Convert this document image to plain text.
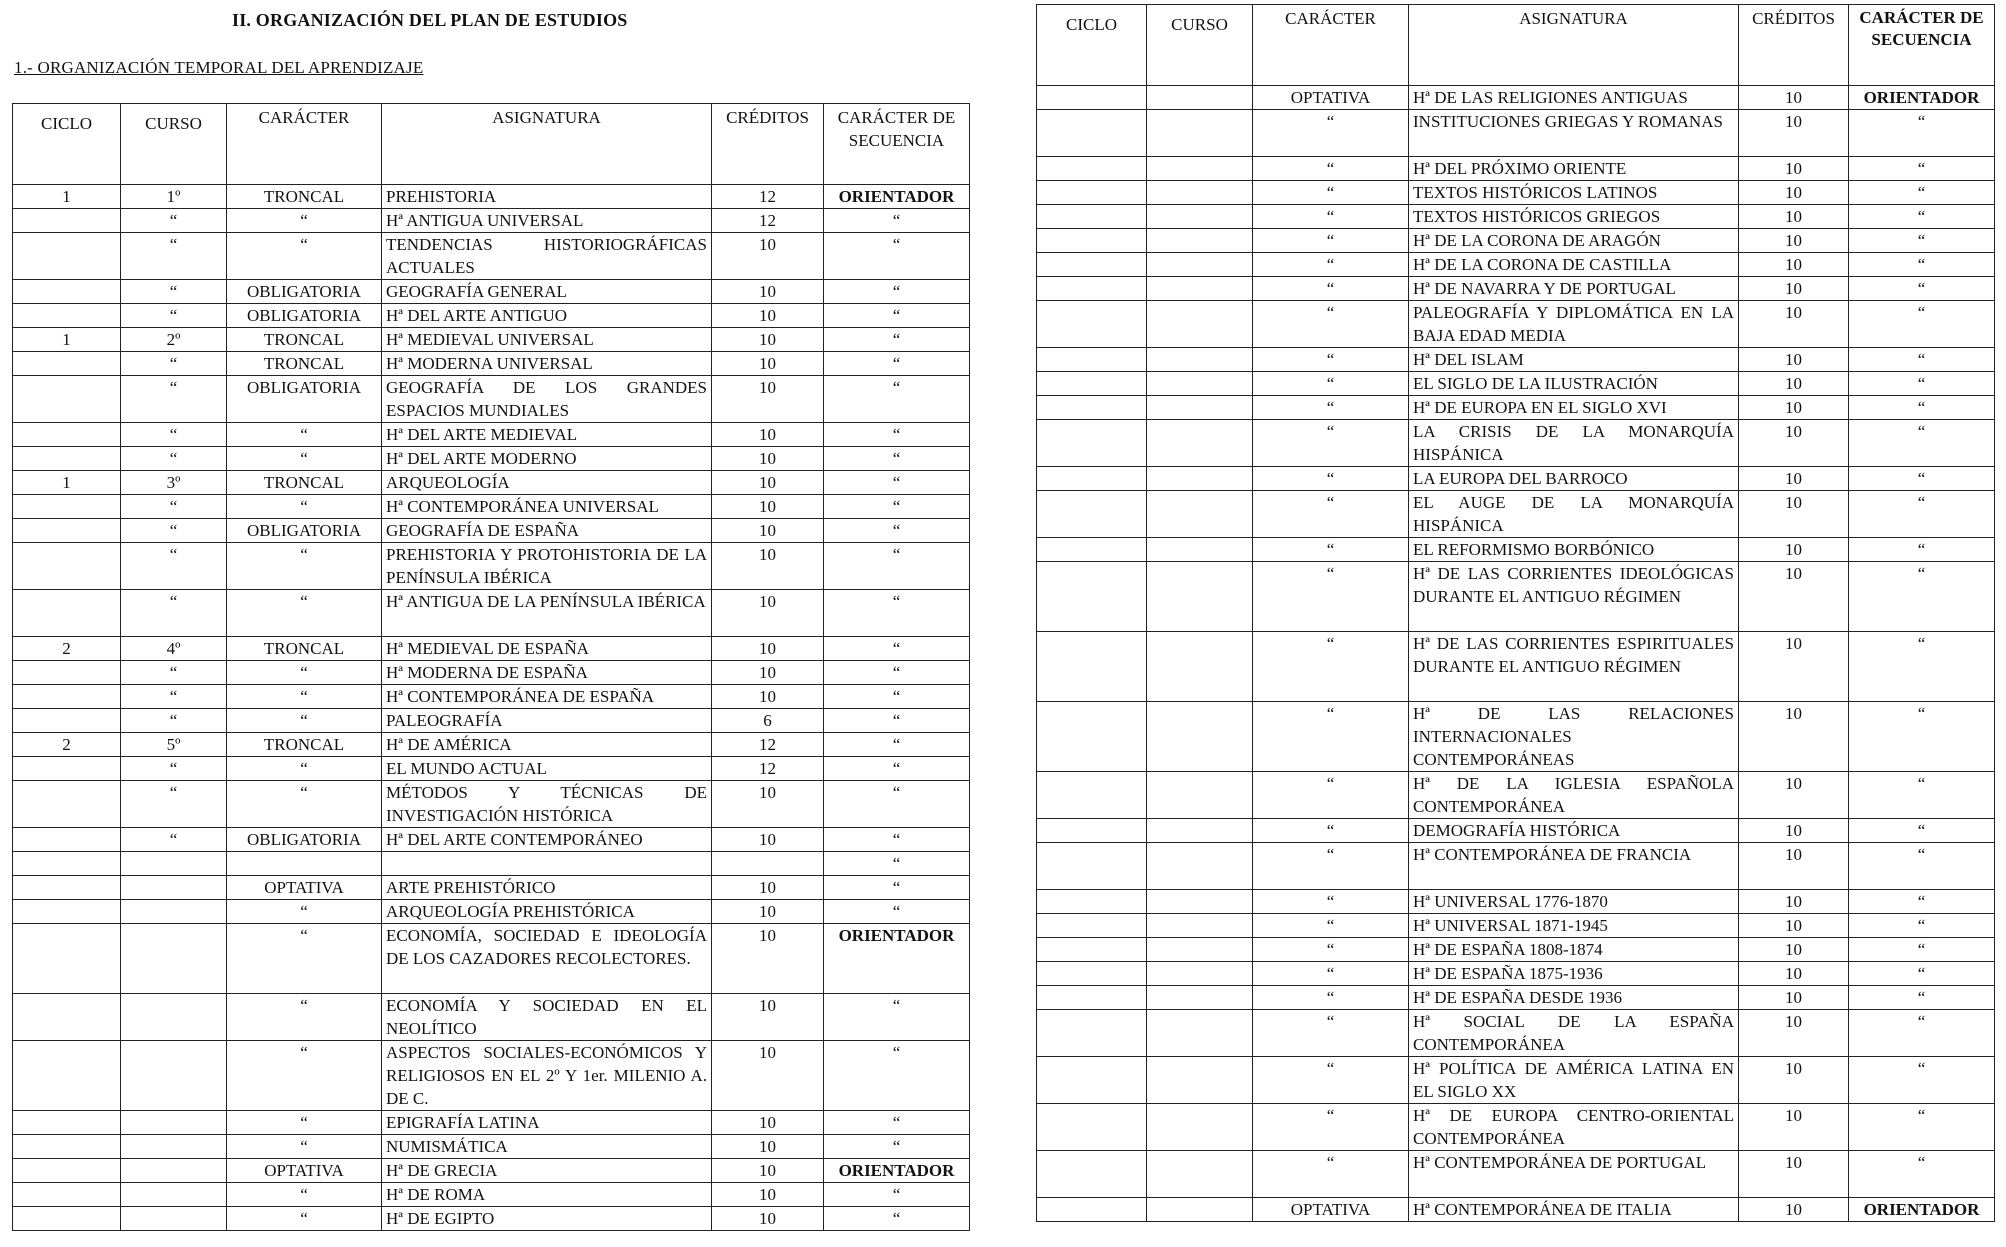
II. ORGANIZACIÓN DEL PLAN DE ESTUDIOS
1.- ORGANIZACIÓN TEMPORAL DEL APRENDIZAJE
CICLO	CURSO	CARÁCTER	ASIGNATURA	CRÉDITOS	CARÁCTER DE SECUENCIA
1	1º	TRONCAL	PREHISTORIA	12	ORIENTADOR
	“	“	Hª ANTIGUA UNIVERSAL	12	“
	“	“	TENDENCIAS HISTORIOGRÁFICAS ACTUALES	10	“
	“	OBLIGATORIA	GEOGRAFÍA GENERAL	10	“
	“	OBLIGATORIA	Hª DEL ARTE ANTIGUO	10	“
1	2º	TRONCAL	Hª MEDIEVAL UNIVERSAL	10	“
	“	TRONCAL	Hª MODERNA UNIVERSAL	10	“
	“	OBLIGATORIA	GEOGRAFÍA DE LOS GRANDES ESPACIOS MUNDIALES	10	“
	“	“	Hª DEL ARTE MEDIEVAL	10	“
	“	“	Hª DEL ARTE MODERNO	10	“
1	3º	TRONCAL	ARQUEOLOGÍA	10	“
	“	“	Hª CONTEMPORÁNEA UNIVERSAL	10	“
	“	OBLIGATORIA	GEOGRAFÍA DE ESPAÑA	10	“
	“	“	PREHISTORIA Y PROTOHISTORIA DE LA PENÍNSULA IBÉRICA	10	“
	“	“	Hª ANTIGUA DE LA PENÍNSULA IBÉRICA	10	“
2	4º	TRONCAL	Hª MEDIEVAL DE ESPAÑA	10	“
	“	“	Hª MODERNA DE ESPAÑA	10	“
	“	“	Hª CONTEMPORÁNEA DE ESPAÑA	10	“
	“	“	PALEOGRAFÍA	6	“
2	5º	TRONCAL	Hª DE AMÉRICA	12	“
	“	“	EL MUNDO ACTUAL	12	“
	“	“	MÉTODOS Y TÉCNICAS DE INVESTIGACIÓN HISTÓRICA	10	“
	“	OBLIGATORIA	Hª DEL ARTE CONTEMPORÁNEO	10	“
					“
		OPTATIVA	ARTE PREHISTÓRICO	10	“
		“	ARQUEOLOGÍA PREHISTÓRICA	10	“
		“	ECONOMÍA, SOCIEDAD E IDEOLOGÍA DE LOS CAZADORES RECOLECTORES.	10	ORIENTADOR
		“	ECONOMÍA Y SOCIEDAD EN EL NEOLÍTICO	10	“
		“	ASPECTOS SOCIALES-ECONÓMICOS Y RELIGIOSOS EN EL 2º Y 1er. MILENIO A. DE C.	10	“
		“	EPIGRAFÍA LATINA	10	“
		“	NUMISMÁTICA	10	“
		OPTATIVA	Hª DE GRECIA	10	ORIENTADOR
		“	Hª DE ROMA	10	“
		“	Hª DE EGIPTO	10	“
CICLO	CURSO	CARÁCTER	ASIGNATURA	CRÉDITOS	CARÁCTER DE SECUENCIA
		OPTATIVA	Hª DE LAS RELIGIONES ANTIGUAS	10	ORIENTADOR
		“	INSTITUCIONES GRIEGAS Y ROMANAS	10	“
		“	Hª DEL PRÓXIMO ORIENTE	10	“
		“	TEXTOS HISTÓRICOS LATINOS	10	“
		“	TEXTOS HISTÓRICOS GRIEGOS	10	“
		“	Hª DE LA CORONA DE ARAGÓN	10	“
		“	Hª DE LA CORONA DE CASTILLA	10	“
		“	Hª DE NAVARRA Y DE PORTUGAL	10	“
		“	PALEOGRAFÍA Y DIPLOMÁTICA EN LA BAJA EDAD MEDIA	10	“
		“	Hª DEL ISLAM	10	“
		“	EL SIGLO DE LA ILUSTRACIÓN	10	“
		“	Hª DE EUROPA EN EL SIGLO XVI	10	“
		“	LA CRISIS DE LA MONARQUÍA HISPÁNICA	10	“
		“	LA EUROPA DEL BARROCO	10	“
		“	EL AUGE DE LA MONARQUÍA HISPÁNICA	10	“
		“	EL REFORMISMO BORBÓNICO	10	“
		“	Hª DE LAS CORRIENTES IDEOLÓGICAS DURANTE EL ANTIGUO RÉGIMEN	10	“
		“	Hª DE LAS CORRIENTES ESPIRITUALES DURANTE EL ANTIGUO RÉGIMEN	10	“
		“	Hª DE LAS RELACIONES INTERNACIONALES CONTEMPORÁNEAS	10	“
		“	Hª DE LA IGLESIA ESPAÑOLA CONTEMPORÁNEA	10	“
		“	DEMOGRAFÍA HISTÓRICA	10	“
		“	Hª CONTEMPORÁNEA DE FRANCIA	10	“
		“	Hª UNIVERSAL 1776-1870	10	“
		“	Hª UNIVERSAL 1871-1945	10	“
		“	Hª DE ESPAÑA 1808-1874	10	“
		“	Hª DE ESPAÑA 1875-1936	10	“
		“	Hª DE ESPAÑA DESDE 1936	10	“
		“	Hª SOCIAL DE LA ESPAÑA CONTEMPORÁNEA	10	“
		“	Hª POLÍTICA DE AMÉRICA LATINA EN EL SIGLO XX	10	“
		“	Hª DE EUROPA CENTRO-ORIENTAL CONTEMPORÁNEA	10	“
		“	Hª CONTEMPORÁNEA DE PORTUGAL	10	“
		OPTATIVA	Hª CONTEMPORÁNEA DE ITALIA	10	ORIENTADOR
